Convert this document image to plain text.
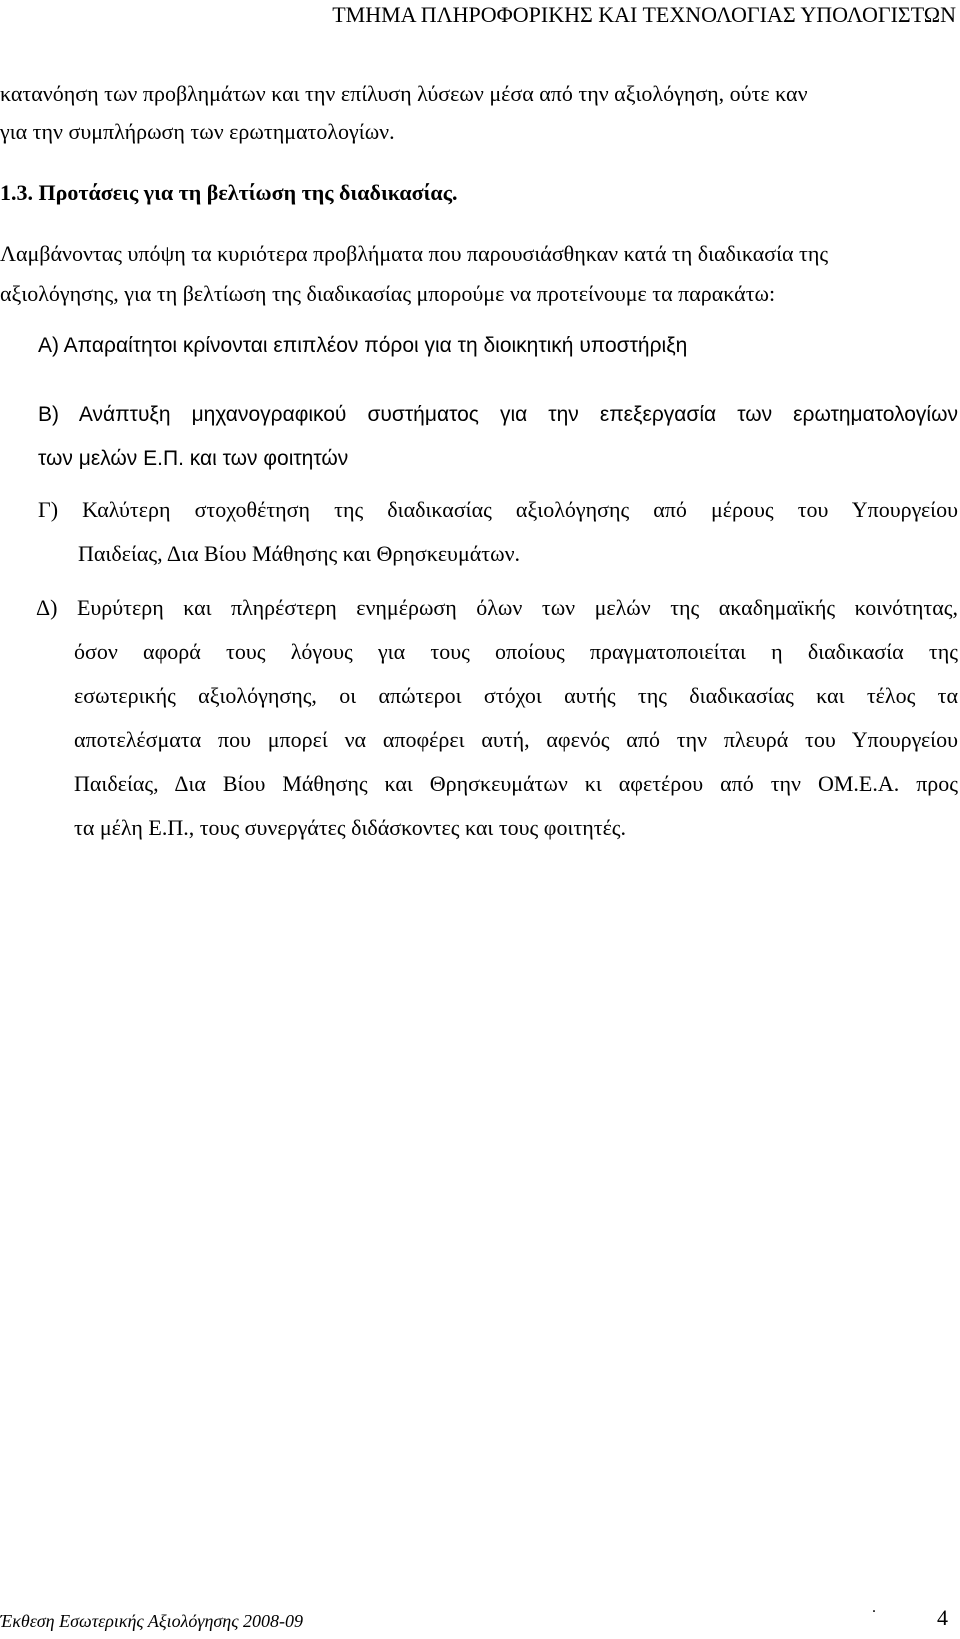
ΤΜΗΜΑ ΠΛΗΡΟΦΟΡΙΚΗΣ ΚΑΙ ΤΕΧΝΟΛΟΓΙΑΣ ΥΠΟΛΟΓΙΣΤΩΝ

κατανόηση των προβλημάτων και την επίλυση λύσεων μέσα από την αξιολόγηση, ούτε καν
για την συμπλήρωση των ερωτηματολογίων.

1.3. Προτάσεις για τη βελτίωση της διαδικασίας.

Λαμβάνοντας υπόψη τα κυριότερα προβλήματα που παρουσιάσθηκαν κατά τη διαδικασία της
αξιολόγησης, για τη βελτίωση της διαδικασίας μπορούμε να προτείνουμε τα παρακάτω:

Α) Απαραίτητοι κρίνονται επιπλέον πόροι για τη διοικητική υποστήριξη

Β) Ανάπτυξη μηχανογραφικού συστήματος για την επεξεργασία των ερωτηματολογίων
των μελών Ε.Π. και των φοιτητών

Γ) Καλύτερη στοχοθέτηση της διαδικασίας αξιολόγησης από μέρους του Υπουργείου
Παιδείας, Δια Βίου Μάθησης και Θρησκευμάτων.

Δ) Ευρύτερη και πληρέστερη ενημέρωση όλων των μελών της ακαδημαϊκής κοινότητας,
όσον αφορά τους λόγους για τους οποίους πραγματοποιείται η διαδικασία της
εσωτερικής αξιολόγησης, οι απώτεροι στόχοι αυτής της διαδικασίας και τέλος τα
αποτελέσματα που μπορεί να αποφέρει αυτή, αφενός από την πλευρά του Υπουργείου
Παιδείας, Δια Βίου Μάθησης και Θρησκευμάτων κι αφετέρου από την ΟΜ.Ε.Α. προς
τα μέλη Ε.Π., τους συνεργάτες διδάσκοντες και τους φοιτητές.
Έκθεση Εσωτερικής Αξιολόγησης 2008-09
.	4
